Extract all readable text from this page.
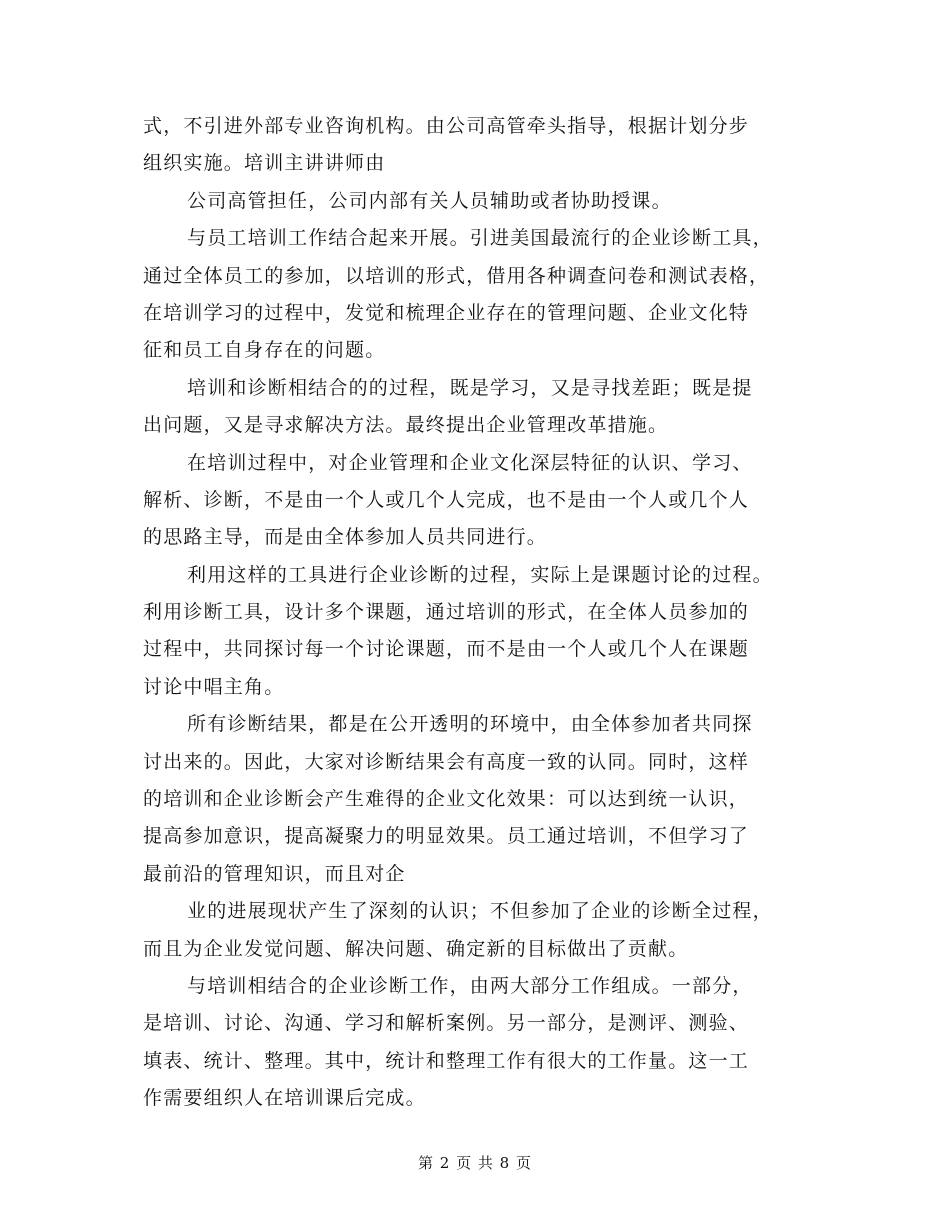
式，不引进外部专业咨询机构。由公司高管牵头指导，根据计划分步
组织实施。培训主讲讲师由
公司高管担任，公司内部有关人员辅助或者协助授课。
与员工培训工作结合起来开展。引进美国最流行的企业诊断工具，
通过全体员工的参加，以培训的形式，借用各种调查问卷和测试表格，
在培训学习的过程中，发觉和梳理企业存在的管理问题、企业文化特
征和员工自身存在的问题。
培训和诊断相结合的的过程，既是学习，又是寻找差距；既是提
出问题，又是寻求解决方法。最终提出企业管理改革措施。
在培训过程中，对企业管理和企业文化深层特征的认识、学习、
解析、诊断，不是由一个人或几个人完成，也不是由一个人或几个人
的思路主导，而是由全体参加人员共同进行。
利用这样的工具进行企业诊断的过程，实际上是课题讨论的过程。
利用诊断工具，设计多个课题，通过培训的形式，在全体人员参加的
过程中，共同探讨每一个讨论课题，而不是由一个人或几个人在课题
讨论中唱主角。
所有诊断结果，都是在公开透明的环境中，由全体参加者共同探
讨出来的。因此，大家对诊断结果会有高度一致的认同。同时，这样
的培训和企业诊断会产生难得的企业文化效果：可以达到统一认识，
提高参加意识，提高凝聚力的明显效果。员工通过培训，不但学习了
最前沿的管理知识，而且对企
业的进展现状产生了深刻的认识；不但参加了企业的诊断全过程，
而且为企业发觉问题、解决问题、确定新的目标做出了贡献。
与培训相结合的企业诊断工作，由两大部分工作组成。一部分，
是培训、讨论、沟通、学习和解析案例。另一部分，是测评、测验、
填表、统计、整理。其中，统计和整理工作有很大的工作量。这一工
作需要组织人在培训课后完成。
第 2 页 共 8 页
